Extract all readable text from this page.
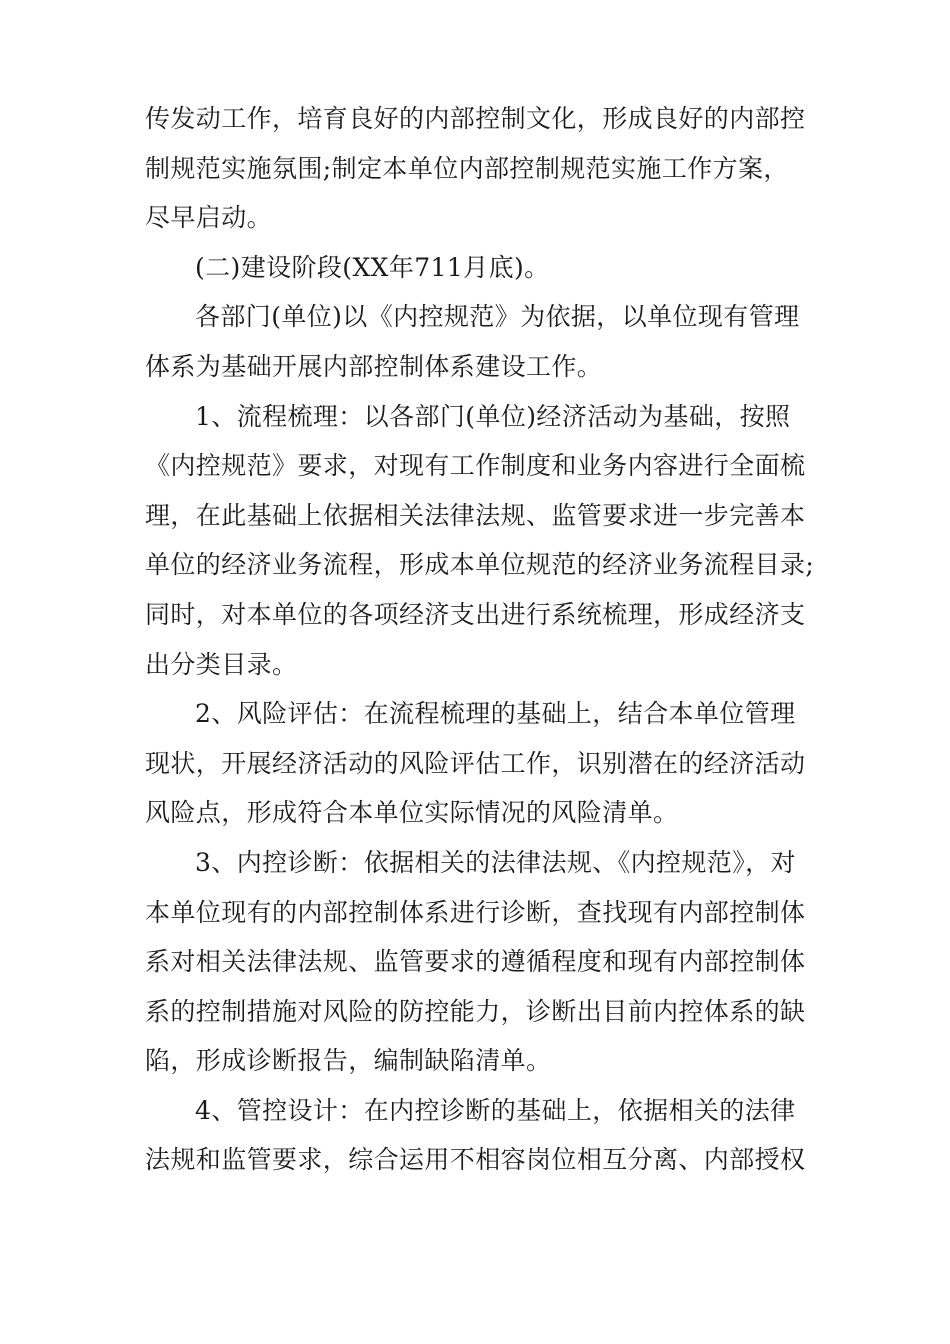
传发动工作，培育良好的内部控制文化，形成良好的内部控
制规范实施氛围;制定本单位内部控制规范实施工作方案，
尽早启动。
(二)建设阶段(XX年711月底)。
各部门(单位)以《内控规范》为依据，以单位现有管理
体系为基础开展内部控制体系建设工作。
1、流程梳理：以各部门(单位)经济活动为基础，按照
《内控规范》要求，对现有工作制度和业务内容进行全面梳
理，在此基础上依据相关法律法规、监管要求进一步完善本
单位的经济业务流程，形成本单位规范的经济业务流程目录;
同时，对本单位的各项经济支出进行系统梳理，形成经济支
出分类目录。
2、风险评估：在流程梳理的基础上，结合本单位管理
现状，开展经济活动的风险评估工作，识别潜在的经济活动
风险点，形成符合本单位实际情况的风险清单。
3、内控诊断：依据相关的法律法规、《内控规范》，对
本单位现有的内部控制体系进行诊断，查找现有内部控制体
系对相关法律法规、监管要求的遵循程度和现有内部控制体
系的控制措施对风险的防控能力，诊断出目前内控体系的缺
陷，形成诊断报告，编制缺陷清单。
4、管控设计：在内控诊断的基础上，依据相关的法律
法规和监管要求，综合运用不相容岗位相互分离、内部授权
